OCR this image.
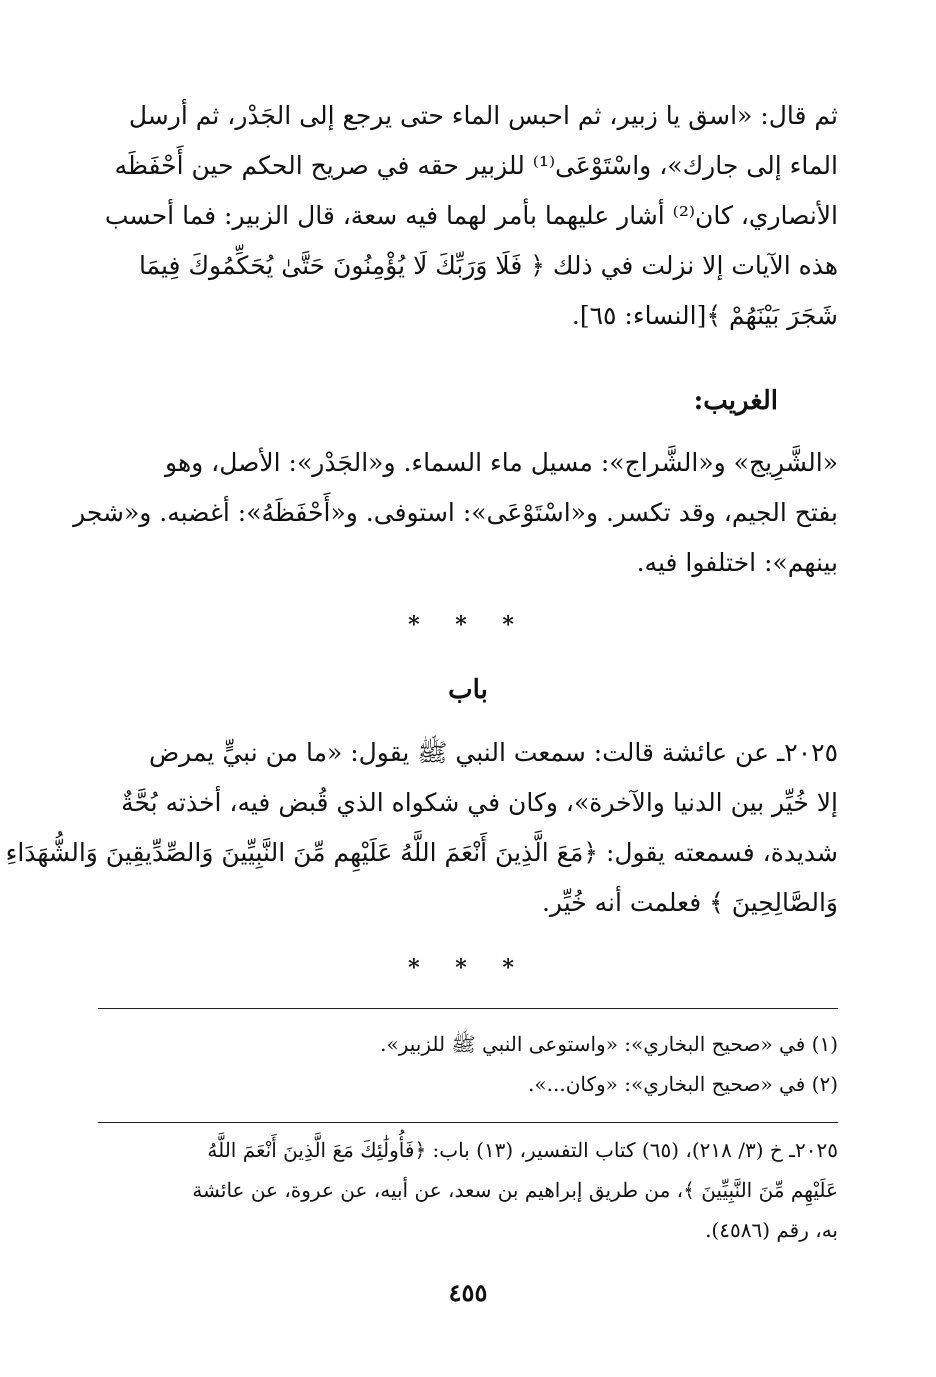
ثم قال: «اسق يا زبير، ثم احبس الماء حتى يرجع إلى الجَدْر، ثم أرسل
الماء إلى جارك»، واسْتَوْعَى⁽¹⁾ للزبير حقه في صريح الحكم حين أَحْفَظَه
الأنصاري، كان⁽²⁾ أشار عليهما بأمر لهما فيه سعة، قال الزبير: فما أحسب
هذه الآيات إلا نزلت في ذلك ﴿ فَلَا وَرَبِّكَ لَا يُؤْمِنُونَ حَتَّىٰ يُحَكِّمُوكَ فِيمَا
شَجَرَ بَيْنَهُمْ ﴾[النساء: ٦٥].
الغريب:
«الشَّرِيج» و«الشَّراج»: مسيل ماء السماء. و«الجَدْر»: الأصل، وهو
بفتح الجيم، وقد تكسر. و«اسْتَوْعَى»: استوفى. و«أَحْفَظَهُ»: أغضبه. و«شجر
بينهم»: اختلفوا فيه.
* * *
باب
٢٠٢٥ـ عن عائشة قالت: سمعت النبي ﷺ يقول: «ما من نبيٍّ يمرض
إلا خُيِّر بين الدنيا والآخرة»، وكان في شكواه الذي قُبض فيه، أخذته بُحَّةٌ
شديدة، فسمعته يقول: ﴿مَعَ الَّذِينَ أَنْعَمَ اللَّهُ عَلَيْهِم مِّنَ النَّبِيِّينَ وَالصِّدِّيقِينَ وَالشُّهَدَاءِ
وَالصَّالِحِينَ ﴾ فعلمت أنه خُيِّر.
* * *
(١) في «صحيح البخاري»: «واستوعى النبي ﷺ للزبير».
(٢) في «صحيح البخاري»: «وكان...».
٢٠٢٥ـ خ (٣/ ٢١٨)، (٦٥) كتاب التفسير، (١٣) باب: ﴿فَأُولَٰئِكَ مَعَ الَّذِينَ أَنْعَمَ اللَّهُ
عَلَيْهِم مِّنَ النَّبِيِّينَ ﴾، من طريق إبراهيم بن سعد، عن أبيه، عن عروة، عن عائشة
به، رقم (٤٥٨٦).
٤٥٥
